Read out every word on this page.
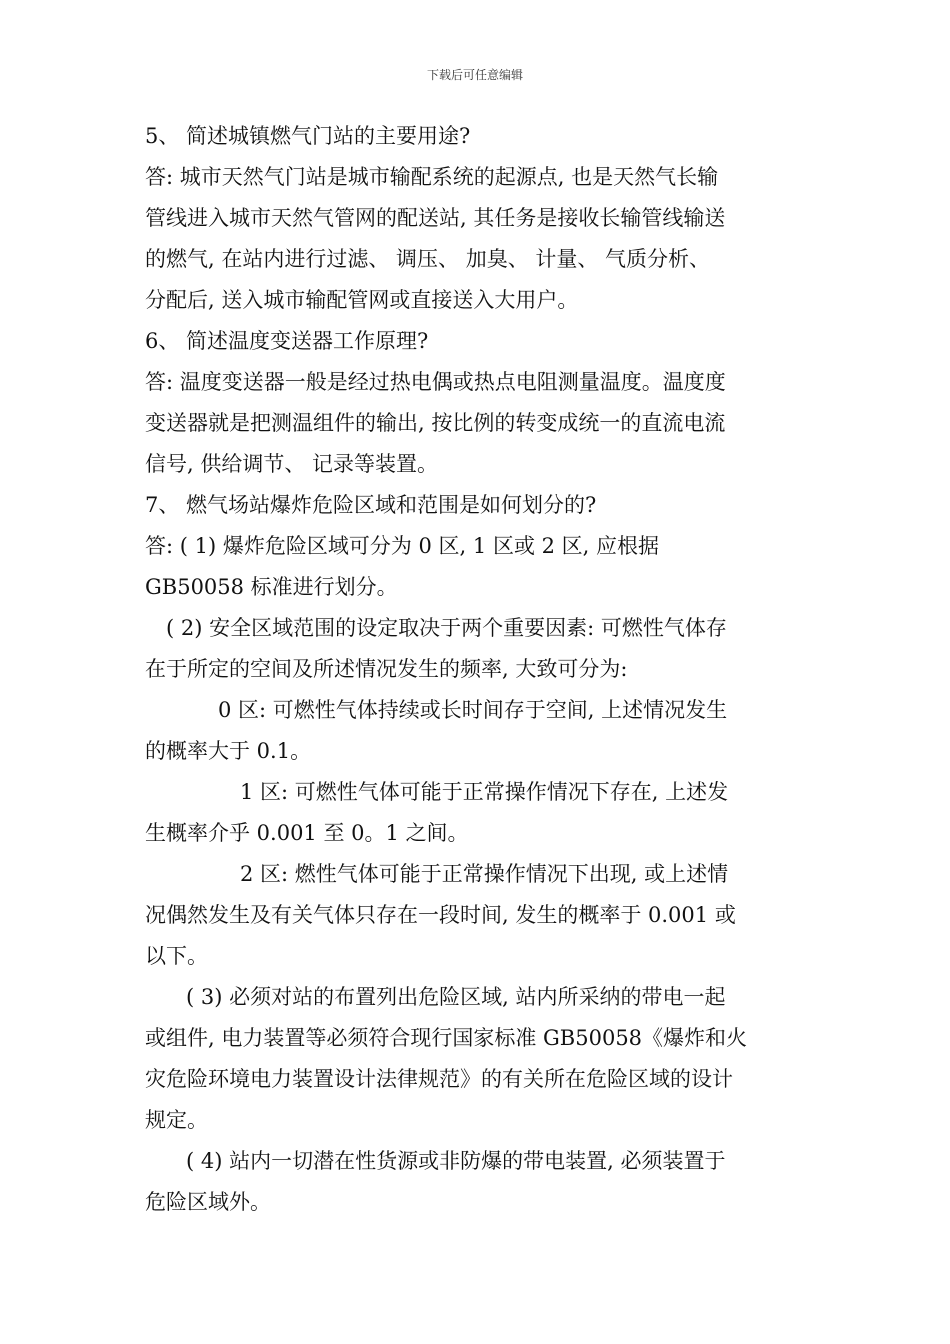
下载后可任意编辑
5、 简述城镇燃气门站的主要用途?
答: 城市天然气门站是城市输配系统的起源点, 也是天然气长输
管线进入城市天然气管网的配送站, 其任务是接收长输管线输送
的燃气, 在站内进行过滤、 调压、 加臭、 计量、 气质分析、
分配后, 送入城市输配管网或直接送入大用户。
6、 简述温度变送器工作原理?
答: 温度变送器一般是经过热电偶或热点电阻测量温度。温度度
变送器就是把测温组件的输出, 按比例的转变成统一的直流电流
信号, 供给调节、 记录等装置。
7、 燃气场站爆炸危险区域和范围是如何划分的?
答: ( 1) 爆炸危险区域可分为 0 区, 1 区或 2 区, 应根据
GB50058 标准进行划分。
( 2) 安全区域范围的设定取决于两个重要因素: 可燃性气体存
在于所定的空间及所述情况发生的频率, 大致可分为:
0 区: 可燃性气体持续或长时间存于空间, 上述情况发生
的概率大于 0.1。
1 区: 可燃性气体可能于正常操作情况下存在, 上述发
生概率介乎 0.001 至 0。1 之间。
2 区: 燃性气体可能于正常操作情况下出现, 或上述情
况偶然发生及有关气体只存在一段时间, 发生的概率于 0.001 或
以下。
( 3) 必须对站的布置列出危险区域, 站内所采纳的带电一起
或组件, 电力装置等必须符合现行国家标准 GB50058《爆炸和火
灾危险环境电力装置设计法律规范》的有关所在危险区域的设计
规定。
( 4) 站内一切潜在性货源或非防爆的带电装置, 必须装置于
危险区域外。
